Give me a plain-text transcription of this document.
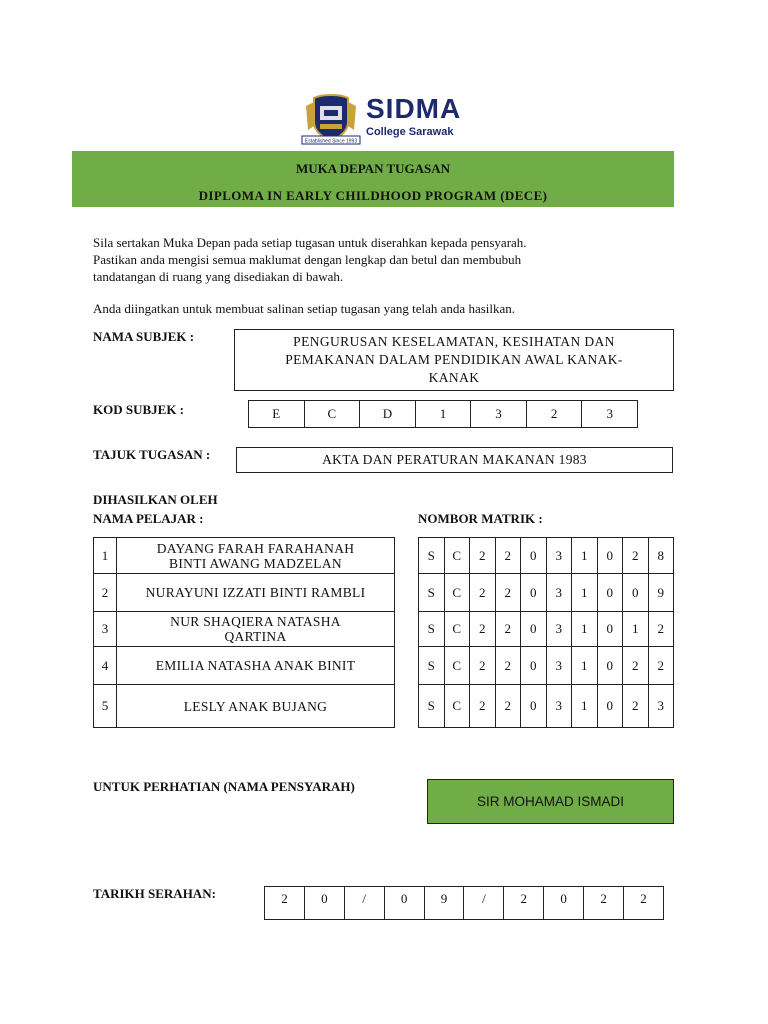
Established Since 1993
SIDMA
College Sarawak
MUKA DEPAN TUGASAN
DIPLOMA IN EARLY CHILDHOOD PROGRAM (DECE)
Sila sertakan Muka Depan pada setiap tugasan untuk diserahkan kepada pensyarah.
Pastikan anda mengisi semua maklumat dengan lengkap dan betul dan membubuh
tandatangan di ruang yang disediakan di bawah.
Anda diingatkan untuk membuat salinan setiap tugasan yang telah anda hasilkan.
NAMA SUBJEK :	PENGURUSAN KESELAMATAN, KESIHATAN DAN
PEMAKANAN DALAM PENDIDIKAN AWAL KANAK-
KANAK
KOD SUBJEK :	E	C	D	1	3	2	3
TAJUK TUGASAN :	AKTA DAN PERATURAN MAKANAN 1983
DIHASILKAN OLEH
NAMA PELAJAR :	NOMBOR MATRIK :
1	DAYANG FARAH FARAHANAH
BINTI AWANG MADZELAN

2	NURAYUNI IZZATI BINTI RAMBLI

3	NUR SHAQIERA NATASHA
QARTINA

4	EMILIA NATASHA ANAK BINIT

5	LESLY ANAK BUJANG
S	C	2	2	0	3	1	0	2	8
S	C	2	2	0	3	1	0	0	9
S	C	2	2	0	3	1	0	1	2
S	C	2	2	0	3	1	0	2	2
S	C	2	2	0	3	1	0	2	3
UNTUK PERHATIAN (NAMA PENSYARAH)
SIR MOHAMAD ISMADI
TARIKH SERAHAN:	2	0	/	0	9	/	2	0	2	2
